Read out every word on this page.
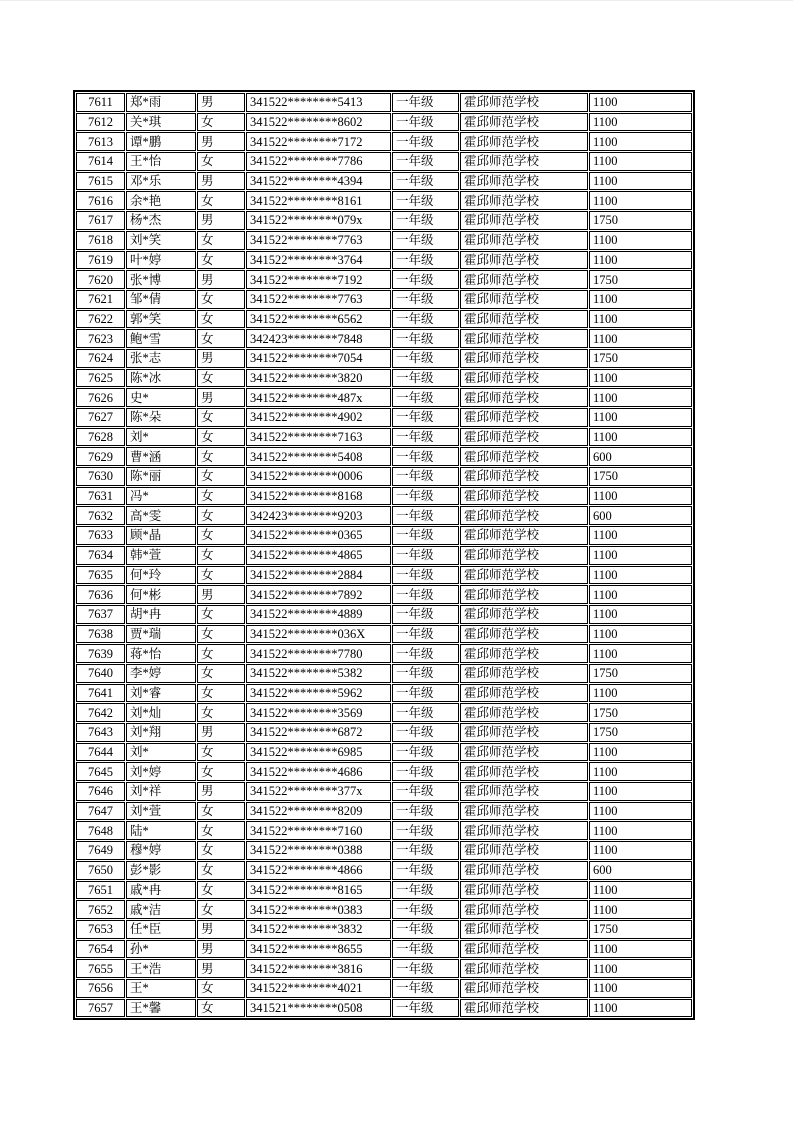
7611	郑*雨	男	341522********5413	一年级	霍邱师范学校	1100
7612	关*琪	女	341522********8602	一年级	霍邱师范学校	1100
7613	谭*鹏	男	341522********7172	一年级	霍邱师范学校	1100
7614	王*怡	女	341522********7786	一年级	霍邱师范学校	1100
7615	邓*乐	男	341522********4394	一年级	霍邱师范学校	1100
7616	余*艳	女	341522********8161	一年级	霍邱师范学校	1100
7617	杨*杰	男	341522********079x	一年级	霍邱师范学校	1750
7618	刘*笑	女	341522********7763	一年级	霍邱师范学校	1100
7619	叶*婷	女	341522********3764	一年级	霍邱师范学校	1100
7620	张*博	男	341522********7192	一年级	霍邱师范学校	1750
7621	邹*倩	女	341522********7763	一年级	霍邱师范学校	1100
7622	郭*笑	女	341522********6562	一年级	霍邱师范学校	1100
7623	鲍*雪	女	342423********7848	一年级	霍邱师范学校	1100
7624	张*志	男	341522********7054	一年级	霍邱师范学校	1750
7625	陈*冰	女	341522********3820	一年级	霍邱师范学校	1100
7626	史*	男	341522********487x	一年级	霍邱师范学校	1100
7627	陈*朵	女	341522********4902	一年级	霍邱师范学校	1100
7628	刘*	女	341522********7163	一年级	霍邱师范学校	1100
7629	曹*涵	女	341522********5408	一年级	霍邱师范学校	600
7630	陈*丽	女	341522********0006	一年级	霍邱师范学校	1750
7631	冯*	女	341522********8168	一年级	霍邱师范学校	1100
7632	高*雯	女	342423********9203	一年级	霍邱师范学校	600
7633	顾*晶	女	341522********0365	一年级	霍邱师范学校	1100
7634	韩*萱	女	341522********4865	一年级	霍邱师范学校	1100
7635	何*玲	女	341522********2884	一年级	霍邱师范学校	1100
7636	何*彬	男	341522********7892	一年级	霍邱师范学校	1100
7637	胡*冉	女	341522********4889	一年级	霍邱师范学校	1100
7638	贾*瑞	女	341522********036X	一年级	霍邱师范学校	1100
7639	蒋*怡	女	341522********7780	一年级	霍邱师范学校	1100
7640	李*婷	女	341522********5382	一年级	霍邱师范学校	1750
7641	刘*睿	女	341522********5962	一年级	霍邱师范学校	1100
7642	刘*灿	女	341522********3569	一年级	霍邱师范学校	1750
7643	刘*翔	男	341522********6872	一年级	霍邱师范学校	1750
7644	刘*	女	341522********6985	一年级	霍邱师范学校	1100
7645	刘*婷	女	341522********4686	一年级	霍邱师范学校	1100
7646	刘*祥	男	341522********377x	一年级	霍邱师范学校	1100
7647	刘*萱	女	341522********8209	一年级	霍邱师范学校	1100
7648	陆*	女	341522********7160	一年级	霍邱师范学校	1100
7649	穆*婷	女	341522********0388	一年级	霍邱师范学校	1100
7650	彭*影	女	341522********4866	一年级	霍邱师范学校	600
7651	戚*冉	女	341522********8165	一年级	霍邱师范学校	1100
7652	戚*洁	女	341522********0383	一年级	霍邱师范学校	1100
7653	任*臣	男	341522********3832	一年级	霍邱师范学校	1750
7654	孙*	男	341522********8655	一年级	霍邱师范学校	1100
7655	王*浩	男	341522********3816	一年级	霍邱师范学校	1100
7656	王*	女	341522********4021	一年级	霍邱师范学校	1100
7657	王*馨	女	341521********0508	一年级	霍邱师范学校	1100
